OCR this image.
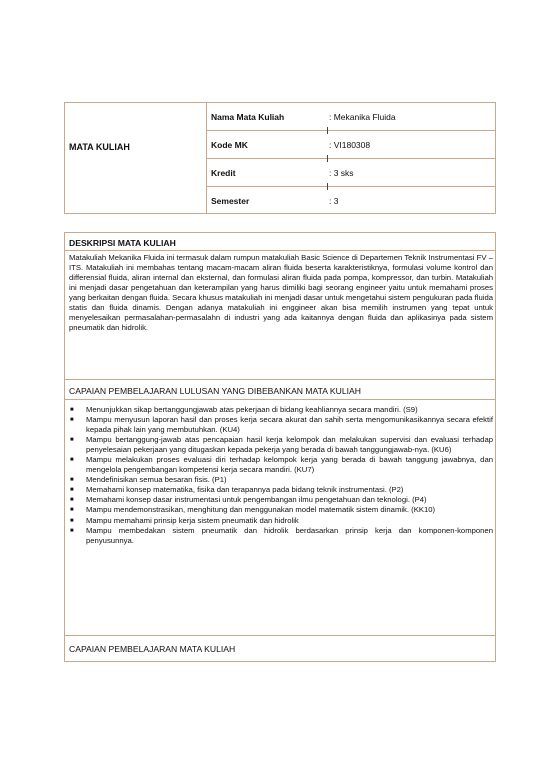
MATA KULIAH
Nama Mata Kuliah	: Mekanika Fluida
Kode MK	: VI180308
Kredit	: 3 sks
Semester	: 3
DESKRIPSI MATA KULIAH
Matakuliah Mekanika Fluida ini termasuk dalam rumpun matakuliah Basic Science di Departemen Teknik Instrumentasi FV –ITS. Matakuliah ini membahas tentang macam-macam aliran fluida beserta karakteristiknya, formulasi volume kontrol dan differensial fluida, aliran internal dan eksternal, dan formulasi aliran fluida pada pompa, kompressor, dan turbin. Matakuliah ini menjadi dasar pengetahuan dan keterampilan yang harus dimiliki bagi seorang engineer yaitu untuk memahami proses yang berkaitan dengan fluida. Secara khusus matakuliah ini menjadi dasar untuk mengetahui sistem pengukuran pada fluida statis dan fluida dinamis. Dengan adanya matakuliah ini enggineer akan bisa memilih instrumen yang tepat untuk menyelesaikan permasalahan-permasalahn di industri yang ada kaitannya dengan fluida dan aplikasinya pada sistem pneumatik dan hidrolik.
CAPAIAN PEMBELAJARAN LULUSAN YANG DIBEBANKAN MATA KULIAH
■ Menunjukkan sikap bertanggungjawab atas pekerjaan di bidang keahliannya secara mandiri. (S9)
■ Mampu menyusun laporan hasil dan proses kerja secara akurat dan sahih serta mengomunikasikannya secara efektif kepada pihak lain yang membutuhkan. (KU4)
■ Mampu bertanggung-jawab atas pencapaian hasil kerja kelompok dan melakukan supervisi dan evaluasi terhadap penyelesaian pekerjaan yang ditugaskan kepada pekerja yang berada di bawah tanggungjawab-nya. (KU6)
■ Mampu melakukan proses evaluasi diri terhadap kelompok kerja yang berada di bawah tanggung jawabnya, dan mengelola pengembangan kompetensi kerja secara mandiri. (KU7)
■ Mendefinisikan semua besaran fisis. (P1)
■ Memahami konsep matematika, fisika dan terapannya pada bidang teknik instrumentasi. (P2)
■ Memahami konsep dasar instrumentasi untuk pengembangan ilmu pengetahuan dan teknologi. (P4)
■ Mampu mendemonstrasikan, menghitung dan menggunakan model matematik sistem dinamik. (KK10)
■ Mampu memahami prinsip kerja sistem pneumatik dan hidrolik
■ Mampu membedakan sistem pneumatik dan hidrolik berdasarkan prinsip kerja dan komponen-komponen penyusunnya.
CAPAIAN PEMBELAJARAN MATA KULIAH
